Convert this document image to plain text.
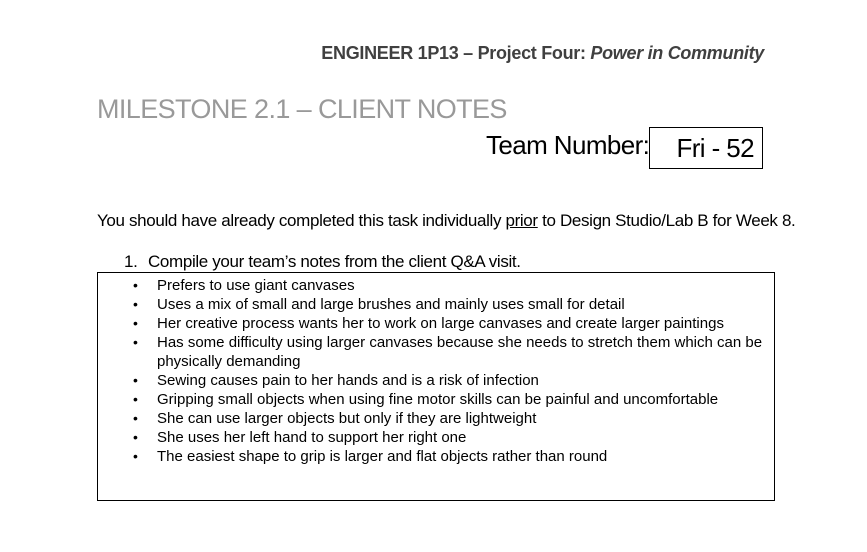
ENGINEER 1P13 – Project Four: Power in Community
MILESTONE 2.1 – CLIENT NOTES
Team Number: Fri - 52
You should have already completed this task individually prior to Design Studio/Lab B for Week 8.
1. Compile your team’s notes from the client Q&A visit.
• Prefers to use giant canvases
• Uses a mix of small and large brushes and mainly uses small for detail
• Her creative process wants her to work on large canvases and create larger paintings
• Has some difficulty using larger canvases because she needs to stretch them which can be physically demanding
• Sewing causes pain to her hands and is a risk of infection
• Gripping small objects when using fine motor skills can be painful and uncomfortable
• She can use larger objects but only if they are lightweight
• She uses her left hand to support her right one
• The easiest shape to grip is larger and flat objects rather than round
